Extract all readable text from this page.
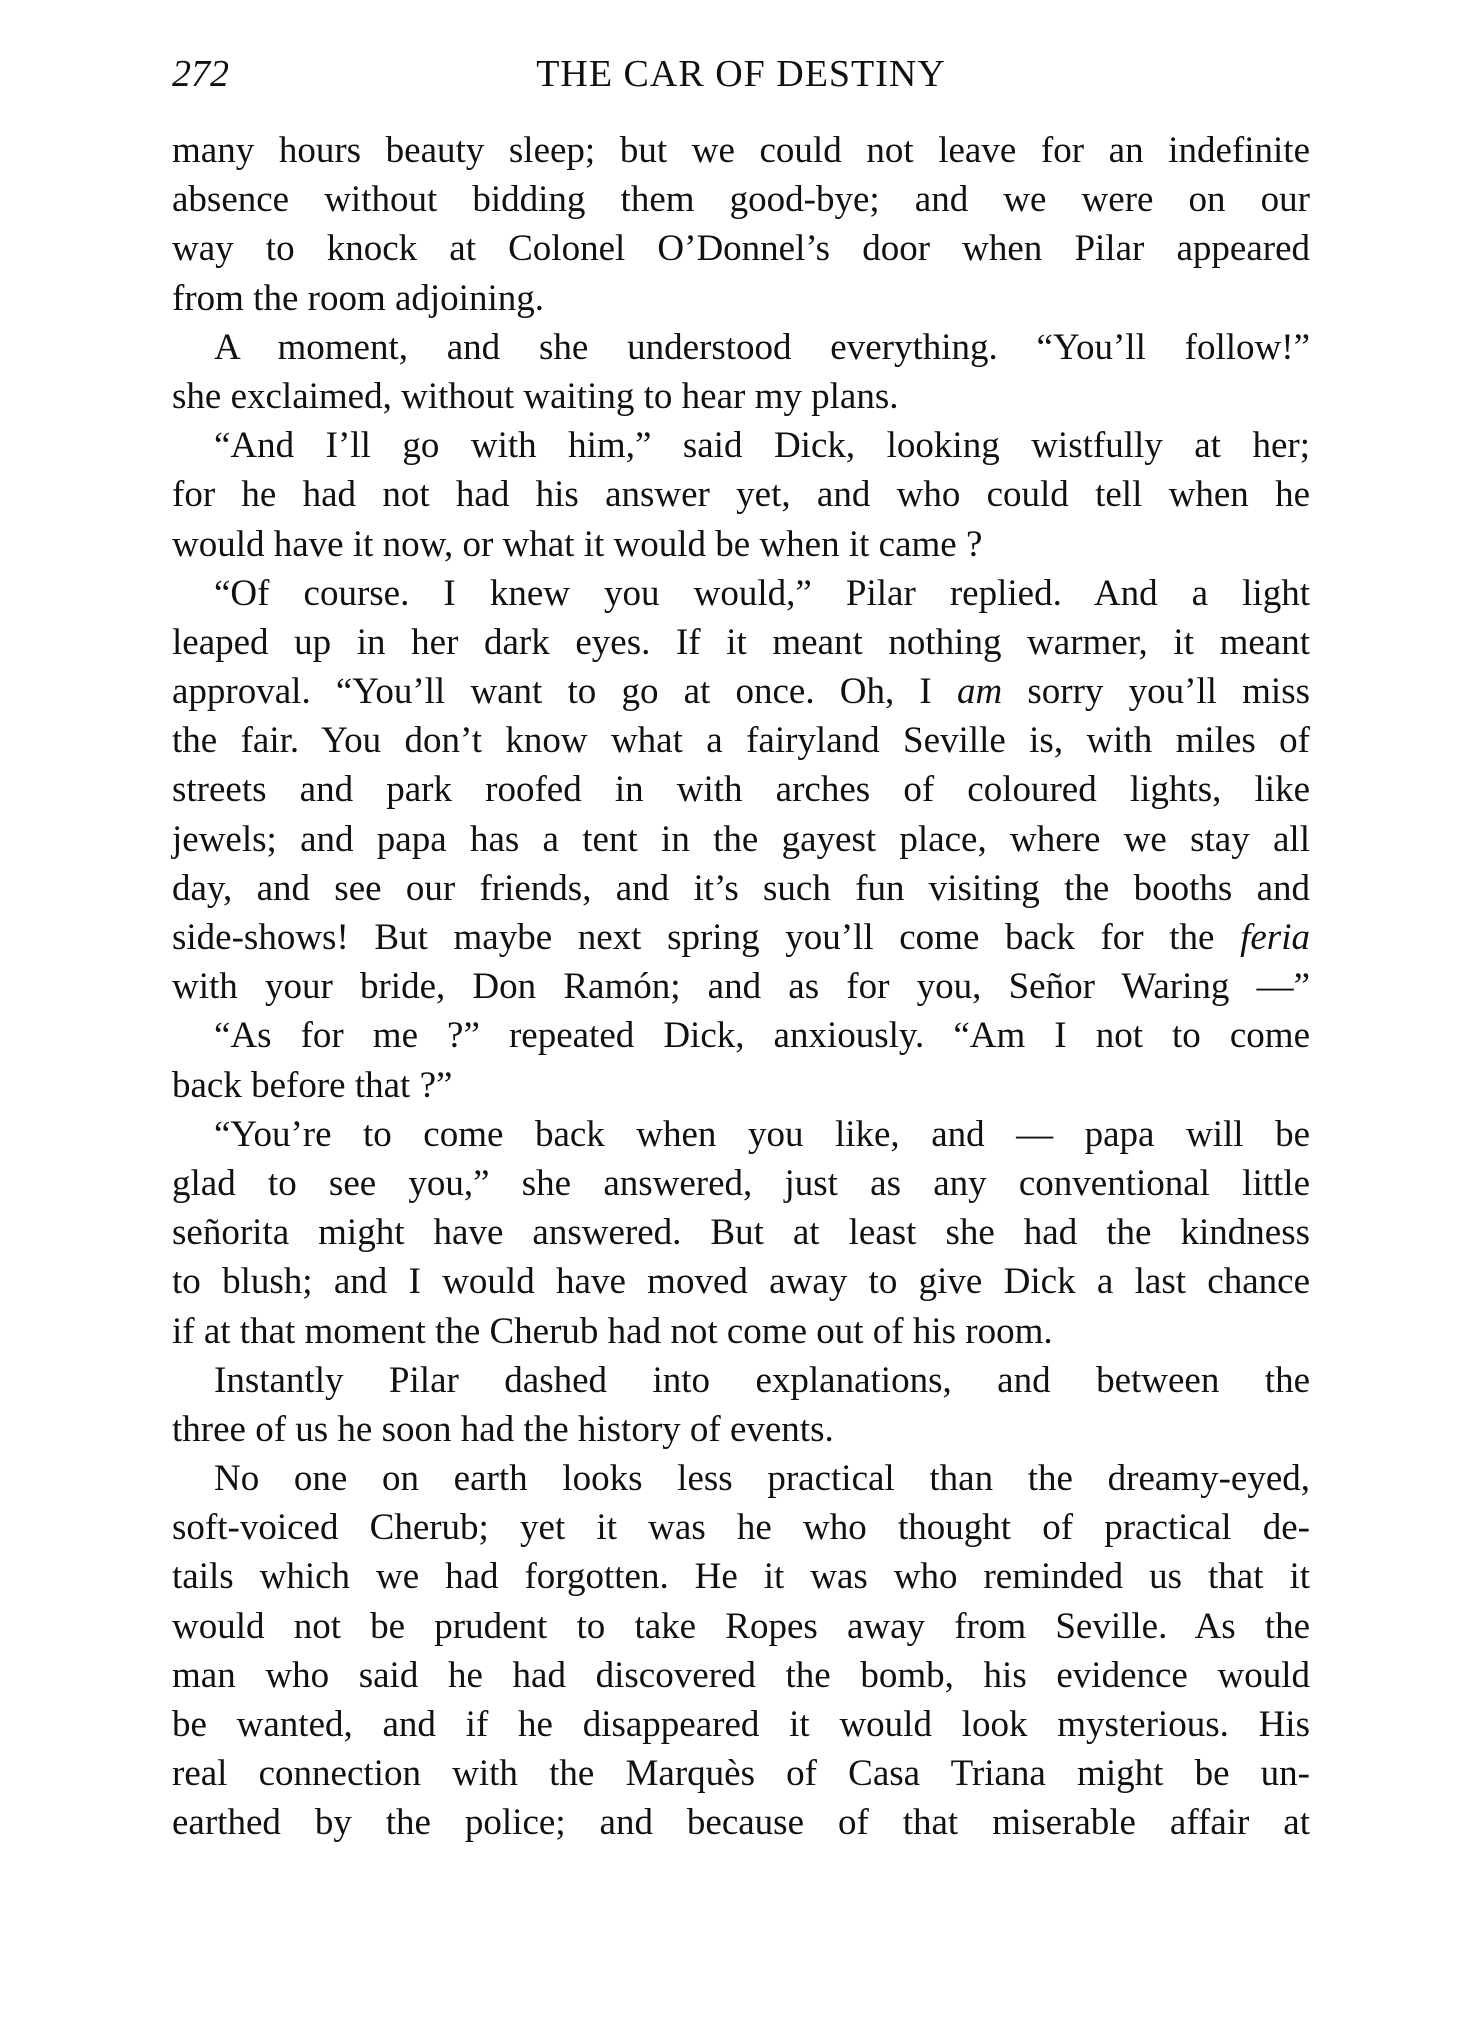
272	THE CAR OF DESTINY
many hours beauty sleep; but we could not leave for an indefinite
absence without bidding them good-bye; and we were on our
way to knock at Colonel O’Donnel’s door when Pilar appeared
from the room adjoining.
A moment, and she understood everything. “You’ll follow!”
she exclaimed, without waiting to hear my plans.
“And I’ll go with him,” said Dick, looking wistfully at her;
for he had not had his answer yet, and who could tell when he
would have it now, or what it would be when it came ?
“Of course. I knew you would,” Pilar replied. And a light
leaped up in her dark eyes. If it meant nothing warmer, it meant
approval. “You’ll want to go at once. Oh, I am sorry you’ll miss
the fair. You don’t know what a fairyland Seville is, with miles of
streets and park roofed in with arches of coloured lights, like
jewels; and papa has a tent in the gayest place, where we stay all
day, and see our friends, and it’s such fun visiting the booths and
side-shows! But maybe next spring you’ll come back for the feria
with your bride, Don Ramón; and as for you, Señor Waring —”
“As for me ?” repeated Dick, anxiously. “Am I not to come
back before that ?”
“You’re to come back when you like, and — papa will be
glad to see you,” she answered, just as any conventional little
señorita might have answered. But at least she had the kindness
to blush; and I would have moved away to give Dick a last chance
if at that moment the Cherub had not come out of his room.
Instantly Pilar dashed into explanations, and between the
three of us he soon had the history of events.
No one on earth looks less practical than the dreamy-eyed,
soft-voiced Cherub; yet it was he who thought of practical de-
tails which we had forgotten. He it was who reminded us that it
would not be prudent to take Ropes away from Seville. As the
man who said he had discovered the bomb, his evidence would
be wanted, and if he disappeared it would look mysterious. His
real connection with the Marquès of Casa Triana might be un-
earthed by the police; and because of that miserable affair at
